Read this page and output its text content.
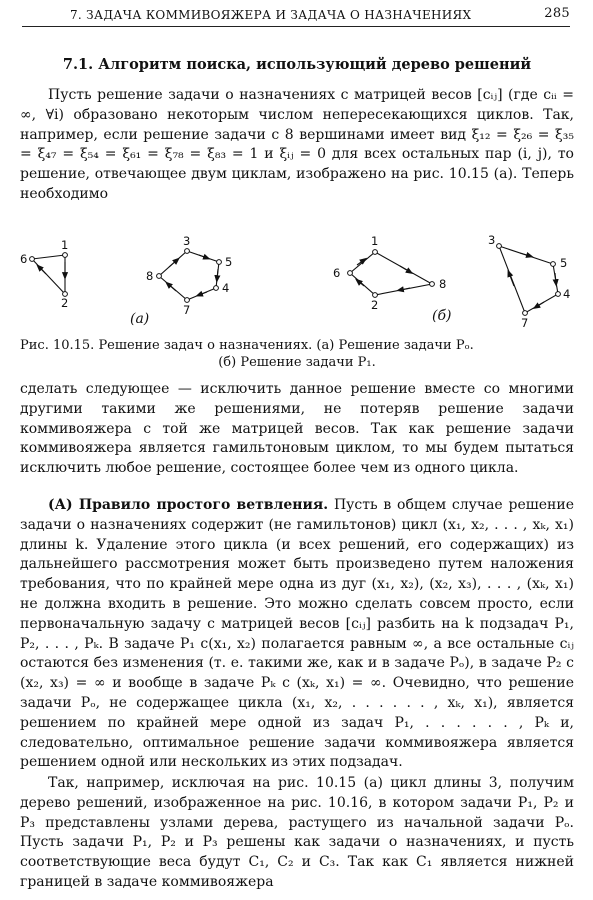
7. ЗАДАЧА КОММИВОЯЖЕРА И ЗАДАЧА О НАЗНАЧЕНИЯХ	285
7.1. Алгоритм поиска, использующий дерево решений
Пусть решение задачи о назначениях с матрицей весов [cᵢⱼ] (где cᵢᵢ = ∞, ∀i) образовано некоторым числом непересекающихся циклов. Так, например, если решение задачи с 8 вершинами имеет вид ξ₁₂ = ξ₂₆ = ξ₃₅ = ξ₄₇ = ξ₅₄ = ξ₆₁ = ξ₇₈ = ξ₈₃ = 1 и ξᵢⱼ = 0 для всех остальных пар (i, j), то решение, отвечающее двум циклам, изображено на рис. 10.15 (а). Теперь необходимо
1
6
2
3
5
8
4
7
(а)
1
6
8
2
3
5
4
7
(б)
Рис. 10.15. Решение задач о назначениях. (а) Решение задачи Pₒ.
(б) Решение задачи P₁.
сделать следующее — исключить данное решение вместе со многими другими такими же решениями, не потеряв решение задачи коммивояжера с той же матрицей весов. Так как решение задачи коммивояжера является гамильтоновым циклом, то мы будем пытаться исключить любое решение, состоящее более чем из одного цикла.
(А) Правило простого ветвления. Пусть в общем случае решение задачи о назначениях содержит (не гамильтонов) цикл (x₁, x₂, . . . , xₖ, x₁) длины k. Удаление этого цикла (и всех решений, его содержащих) из дальнейшего рассмотрения может быть произведено путем наложения требования, что по крайней мере одна из дуг (x₁, x₂), (x₂, x₃), . . . , (xₖ, x₁) не должна входить в решение. Это можно сделать совсем просто, если первоначальную задачу с матрицей весов [cᵢⱼ] разбить на k подзадач P₁, P₂, . . . , Pₖ. В задаче P₁ c(x₁, x₂) полагается равным ∞, а все остальные cᵢⱼ остаются без изменения (т. е. такими же, как и в задаче Pₒ), в задаче P₂ c (x₂, x₃) = ∞ и вообще в задаче Pₖ c (xₖ, x₁) = ∞. Очевидно, что решение задачи Pₒ, не содержащее цикла (x₁, x₂, . . . . . . , xₖ, x₁), является решением по крайней мере одной из задач P₁, . . . . . . , Pₖ и, следовательно, оптимальное решение задачи коммивояжера является решением одной или нескольких из этих подзадач.
Так, например, исключая на рис. 10.15 (а) цикл длины 3, получим дерево решений, изображенное на рис. 10.16, в котором задачи P₁, P₂ и P₃ представлены узлами дерева, растущего из начальной задачи Pₒ. Пусть задачи P₁, P₂ и P₃ решены как задачи о назначениях, и пусть соответствующие веса будут C₁, C₂ и C₃. Так как C₁ является нижней границей в задаче коммивояжера
